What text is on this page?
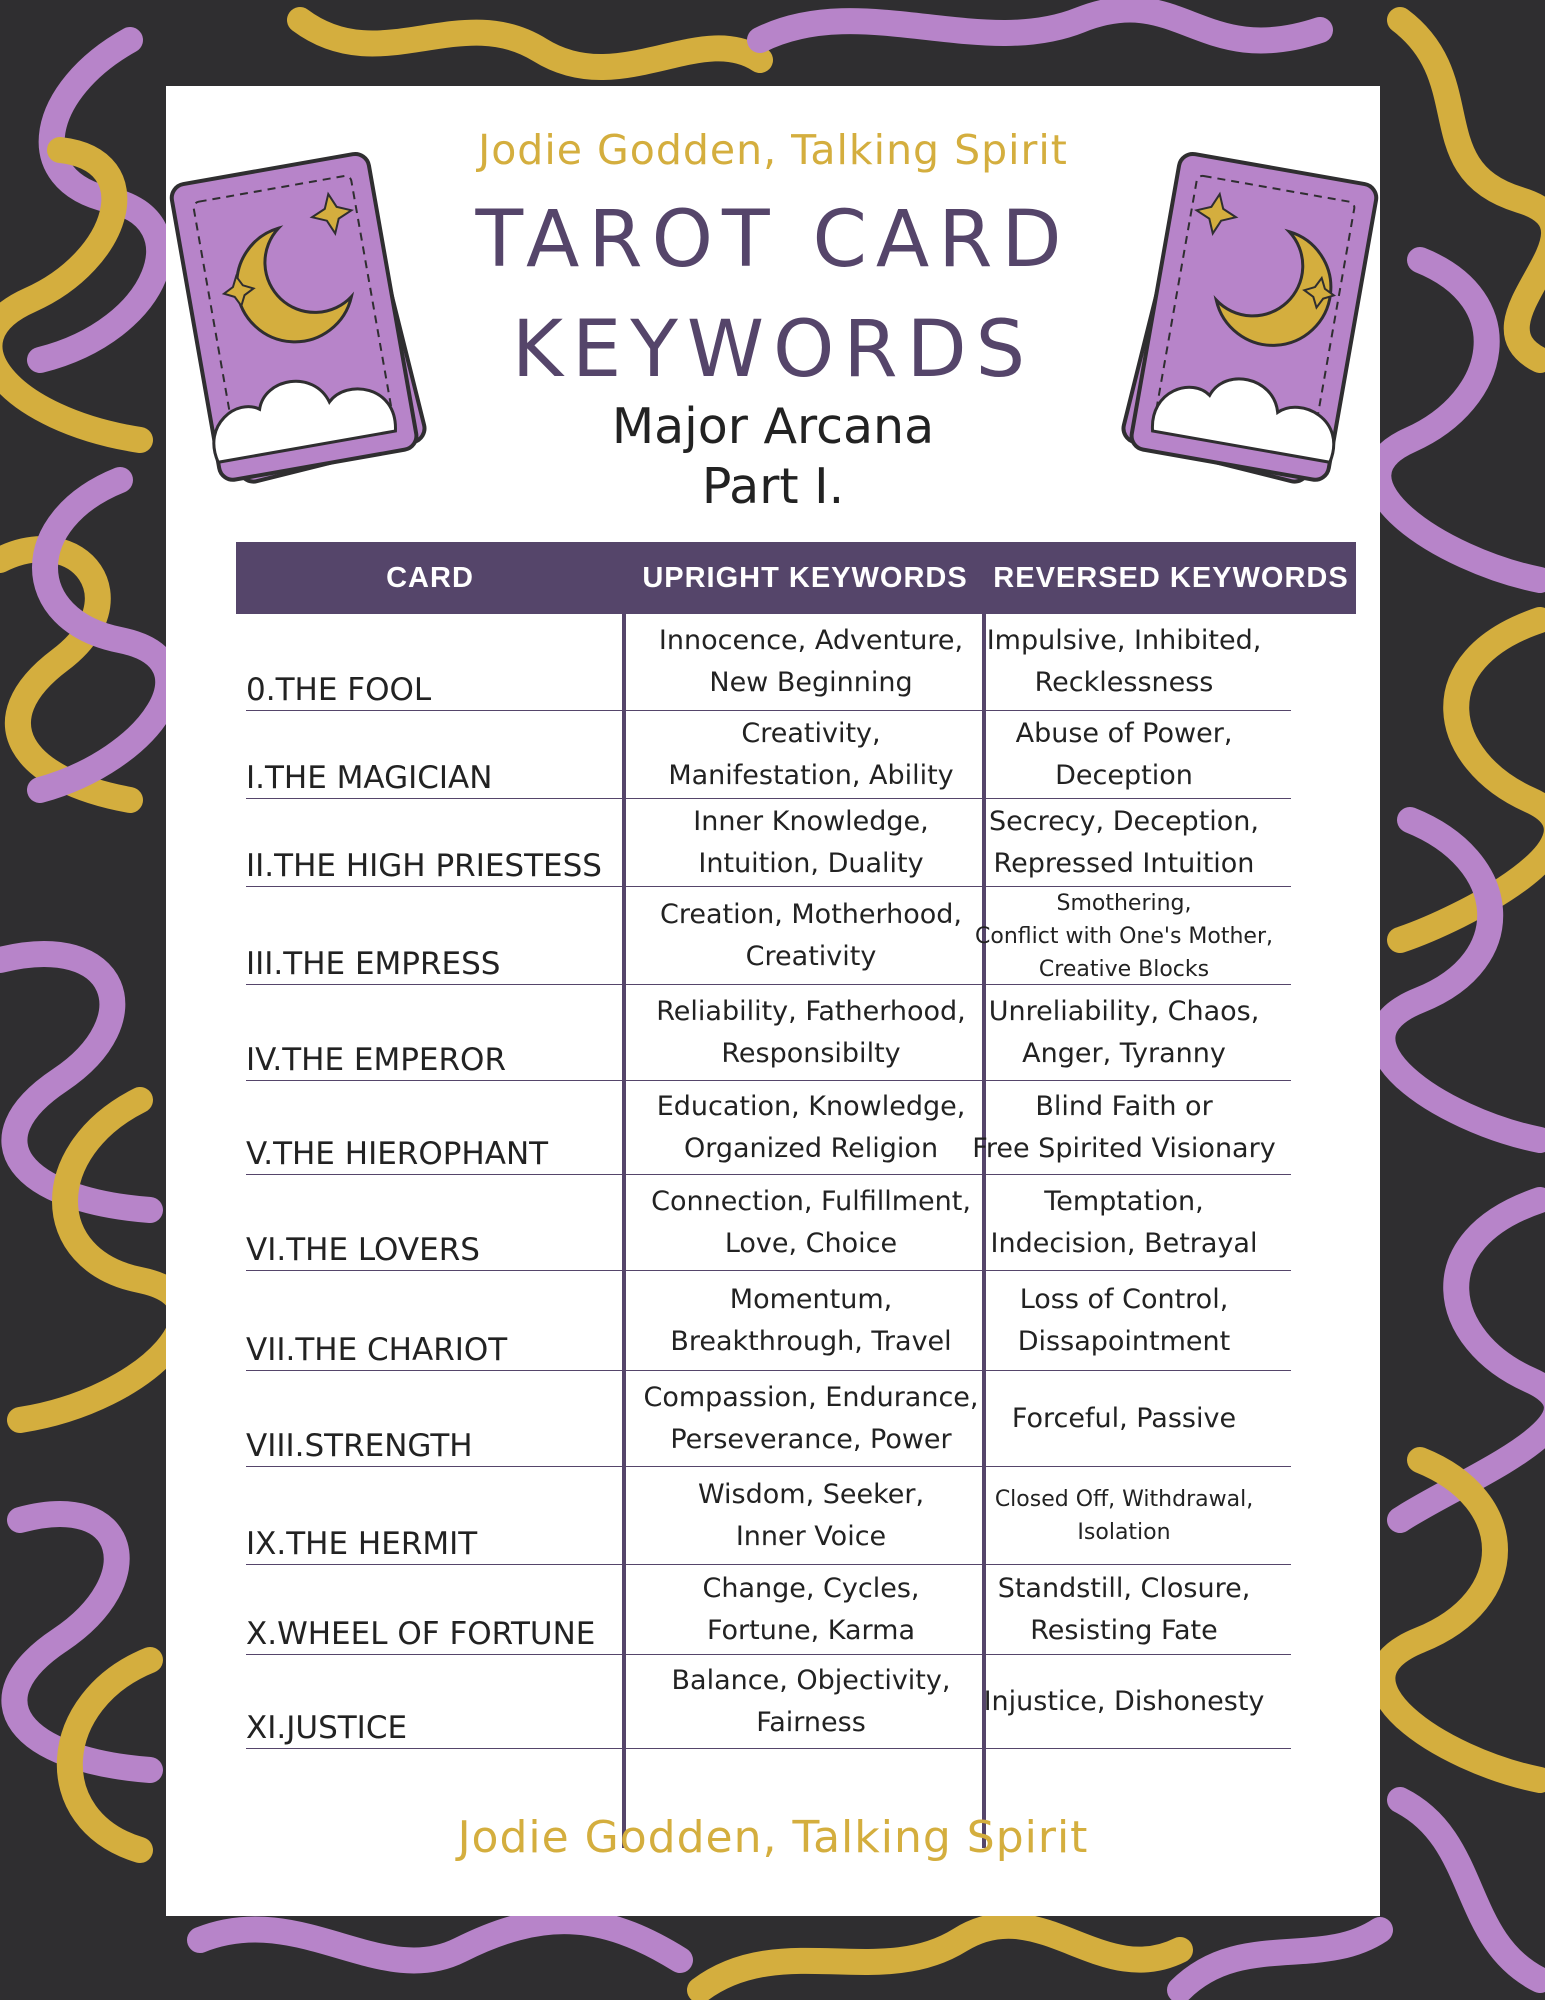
Jodie Godden, Talking Spirit
TAROT CARD
KEYWORDS
Major Arcana
Part I.
CARD	UPRIGHT KEYWORDS REVERSED KEYWORDS
0.THE FOOL
Innocence, Adventure,
New Beginning
Impulsive, Inhibited,
Recklessness
I.THE MAGICIAN
Creativity,
Manifestation, Ability
Abuse of Power,
Deception
II.THE HIGH PRIESTESS
Inner Knowledge,
Intuition, Duality
Secrecy, Deception,
Repressed Intuition
III.THE EMPRESS
Creation, Motherhood,
Creativity
Smothering,
Conflict with One's Mother,
Creative Blocks
IV.THE EMPEROR
Reliability, Fatherhood,
Responsibilty
Unreliability, Chaos,
Anger, Tyranny
V.THE HIEROPHANT
Education, Knowledge,
Organized Religion
Blind Faith or
Free Spirited Visionary
VI.THE LOVERS
Connection, Fulfillment,
Love, Choice
Temptation,
Indecision, Betrayal
VII.THE CHARIOT
Momentum,
Breakthrough, Travel
Loss of Control,
Dissapointment
VIII.STRENGTH
Compassion, Endurance,
Perseverance, Power
Forceful, Passive
IX.THE HERMIT
Wisdom, Seeker,
Inner Voice
Closed Off, Withdrawal,
Isolation
X.WHEEL OF FORTUNE
Change, Cycles,
Fortune, Karma
Standstill, Closure,
Resisting Fate
XI.JUSTICE
Balance, Objectivity,
Fairness
Injustice, Dishonesty
Jodie Godden, Talking Spirit
